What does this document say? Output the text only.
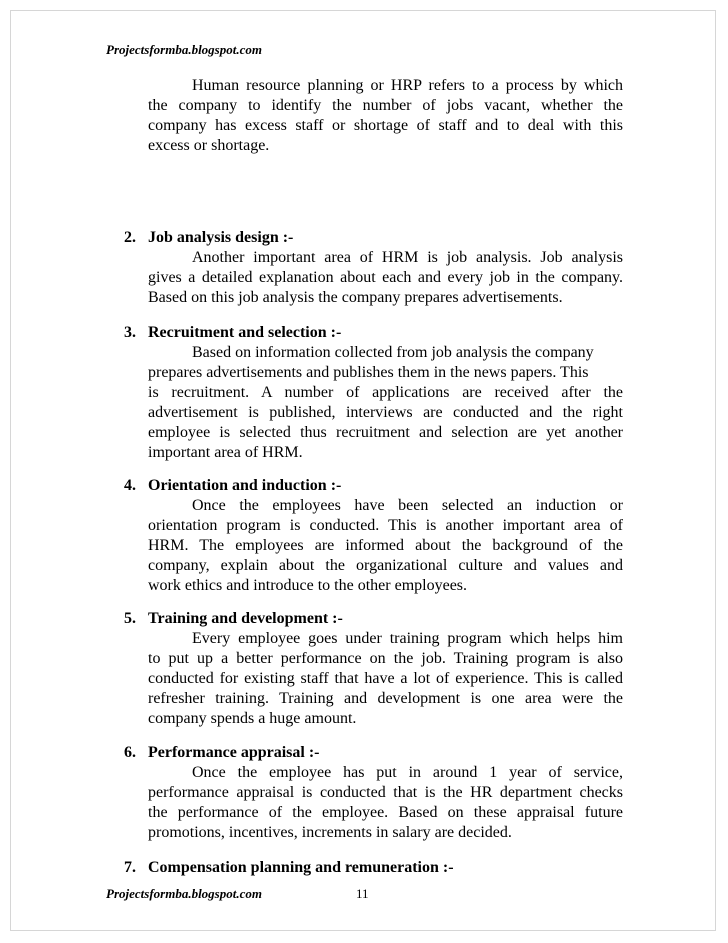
Projectsformba.blogspot.com
Human resource planning or HRP refers to a process by which
the company to identify the number of jobs vacant, whether the
company has excess staff or shortage of staff and to deal with this
excess or shortage.
2. Job analysis design :-
Another important area of HRM is job analysis. Job analysis
gives a detailed explanation about each and every job in the company.
Based on this job analysis the company prepares advertisements.
3. Recruitment and selection :-
Based on information collected from job analysis the company
prepares advertisements and publishes them in the news papers. This
is recruitment. A number of applications are received after the
advertisement is published, interviews are conducted and the right
employee is selected thus recruitment and selection are yet another
important area of HRM.
4. Orientation and induction :-
Once the employees have been selected an induction or
orientation program is conducted. This is another important area of
HRM. The employees are informed about the background of the
company, explain about the organizational culture and values and
work ethics and introduce to the other employees.
5. Training and development :-
Every employee goes under training program which helps him
to put up a better performance on the job. Training program is also
conducted for existing staff that have a lot of experience. This is called
refresher training. Training and development is one area were the
company spends a huge amount.
6. Performance appraisal :-
Once the employee has put in around 1 year of service,
performance appraisal is conducted that is the HR department checks
the performance of the employee. Based on these appraisal future
promotions, incentives, increments in salary are decided.
7. Compensation planning and remuneration :-
Projectsformba.blogspot.com	11
